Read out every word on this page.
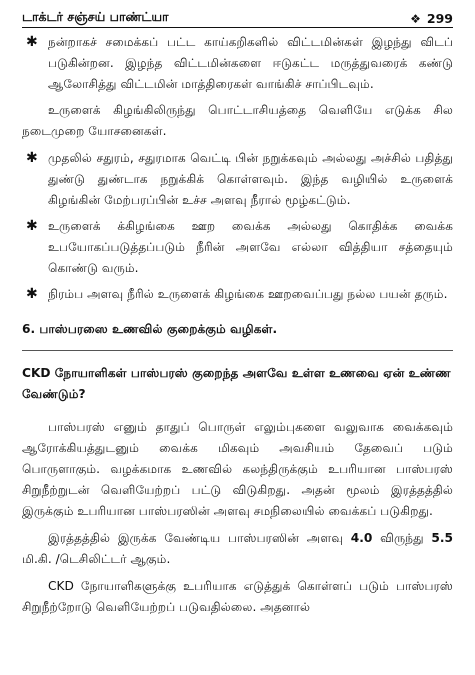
டாக்டர் சஞ்சய் பாண்ட்யா	❖ 299
✱ நன்றாகச் சமைக்கப் பட்ட காய்கறிகளில் விட்டமின்கள் இழந்து விடப் படுகின்றன. இழந்த விட்டமின்களை ஈடுகட்ட மருத்துவரைக் கண்டு ஆலோசித்து விட்டமின் மாத்திரைகள் வாங்கிச் சாப்பிடவும்.

உருளைக் கிழங்கிலிருந்து பொட்டாசியத்தை வெளியே எடுக்க சில நடைமுறை யோசனைகள்.

✱ முதலில் சதுரம், சதுரமாக வெட்டி பின் நறுக்கவும் அல்லது அச்சில் பதித்து துண்டு துண்டாக நறுக்கிக் கொள்ளவும். இந்த வழியில் உருளைக் கிழங்கின் மேற்பரப்பின் உச்ச அளவு நீரால் மூழ்கட்டும்.
✱ உருளைக் க்கிழங்கை ஊற வைக்க அல்லது கொதிக்க வைக்க உபயோகப்படுத்தப்படும் நீரின் அளவே எல்லா வித்தியா சத்தையும் கொண்டு வரும்.
✱ நிரம்ப அளவு நீரில் உருளைக் கிழங்கை ஊறவைப்பது நல்ல பயன் தரும்.
6. பாஸ்பரஸை உணவில் குறைக்கும் வழிகள்.
CKD நோயாளிகள் பாஸ்பரஸ் குறைந்த அளவே உள்ள உணவை ஏன் உண்ண வேண்டும்?

பாஸ்பரஸ் எனும் தாதுப் பொருள் எலும்புகளை வலுவாக வைக்கவும் ஆரோக்கியத்துடனும் வைக்க மிகவும் அவசியம் தேவைப் படும் பொருளாகும். வழக்கமாக உணவில் கலந்திருக்கும் உபரியான பாஸ்பரஸ் சிறுநீற்றுடன் வெளியேற்றப் பட்டு விடுகிறது. அதன் மூலம் இரத்தத்தில் இருக்கும் உபரியான பாஸ்பரஸின் அளவு சமநிலையில் வைக்கப் படுகிறது.

இரத்தத்தில் இருக்க வேண்டிய பாஸ்பரஸின் அளவு 4.0 விருந்து 5.5 மி.கி. /டெசிலிட்டர் ஆகும்.

CKD நோயாளிகளுக்கு உபரியாக எடுத்துக் கொள்ளப் படும் பாஸ்பரஸ் சிறுநீற்றோடு வெளியேற்றப் படுவதில்லை. அதனால்
